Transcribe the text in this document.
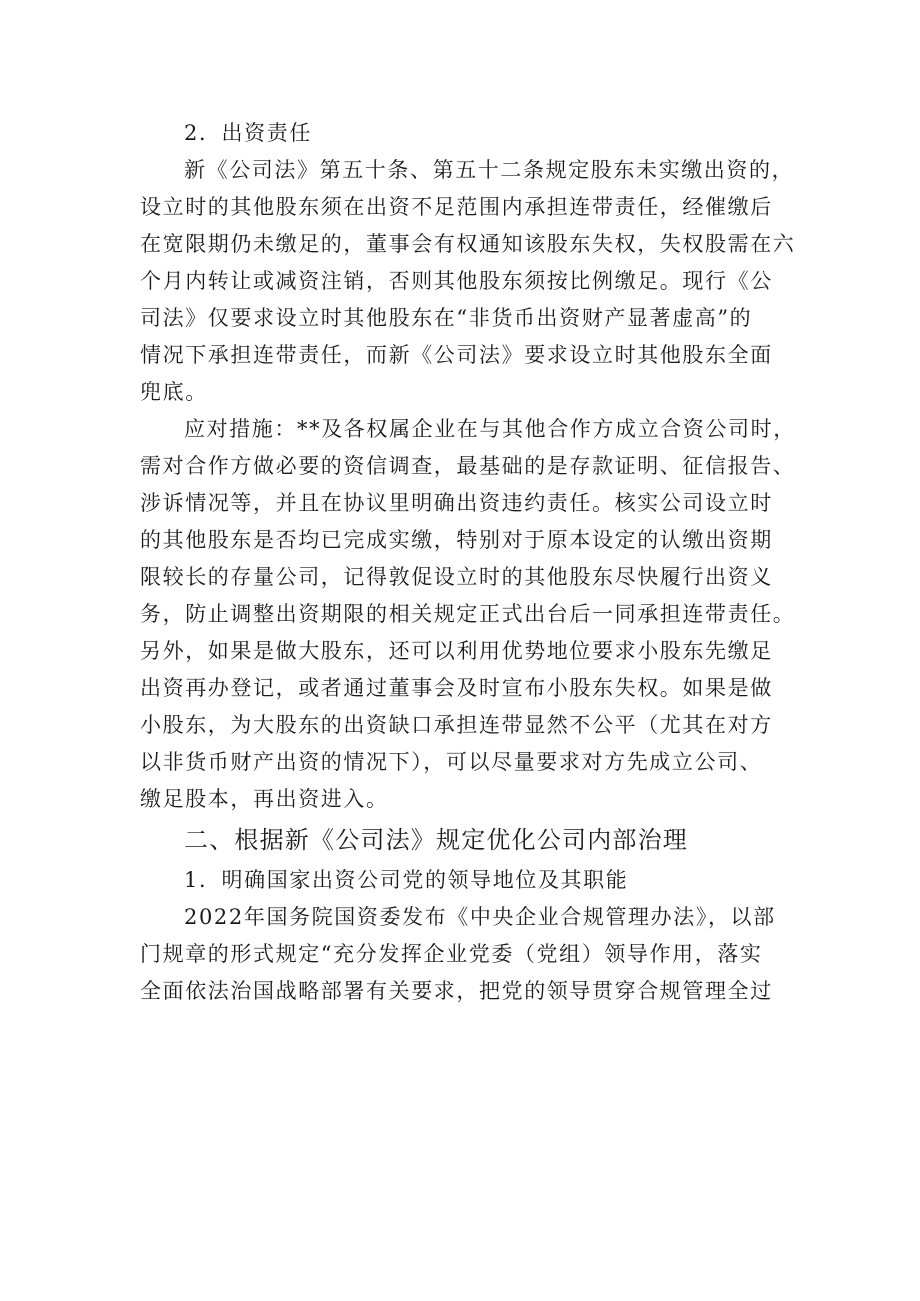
2．出资责任
新《公司法》第五十条、第五十二条规定股东未实缴出资的，
设立时的其他股东须在出资不足范围内承担连带责任，经催缴后
在宽限期仍未缴足的，董事会有权通知该股东失权，失权股需在六
个月内转让或减资注销，否则其他股东须按比例缴足。现行《公
司法》仅要求设立时其他股东在“非货币出资财产显著虚高”的
情况下承担连带责任，而新《公司法》要求设立时其他股东全面
兜底。
应对措施：**及各权属企业在与其他合作方成立合资公司时，
需对合作方做必要的资信调查，最基础的是存款证明、征信报告、
涉诉情况等，并且在协议里明确出资违约责任。核实公司设立时
的其他股东是否均已完成实缴，特别对于原本设定的认缴出资期
限较长的存量公司，记得敦促设立时的其他股东尽快履行出资义
务，防止调整出资期限的相关规定正式出台后一同承担连带责任。
另外，如果是做大股东，还可以利用优势地位要求小股东先缴足
出资再办登记，或者通过董事会及时宣布小股东失权。如果是做
小股东，为大股东的出资缺口承担连带显然不公平（尤其在对方
以非货币财产出资的情况下），可以尽量要求对方先成立公司、
缴足股本，再出资进入。
二、根据新《公司法》规定优化公司内部治理
1．明确国家出资公司党的领导地位及其职能
2022年国务院国资委发布《中央企业合规管理办法》，以部
门规章的形式规定“充分发挥企业党委（党组）领导作用，落实
全面依法治国战略部署有关要求，把党的领导贯穿合规管理全过
